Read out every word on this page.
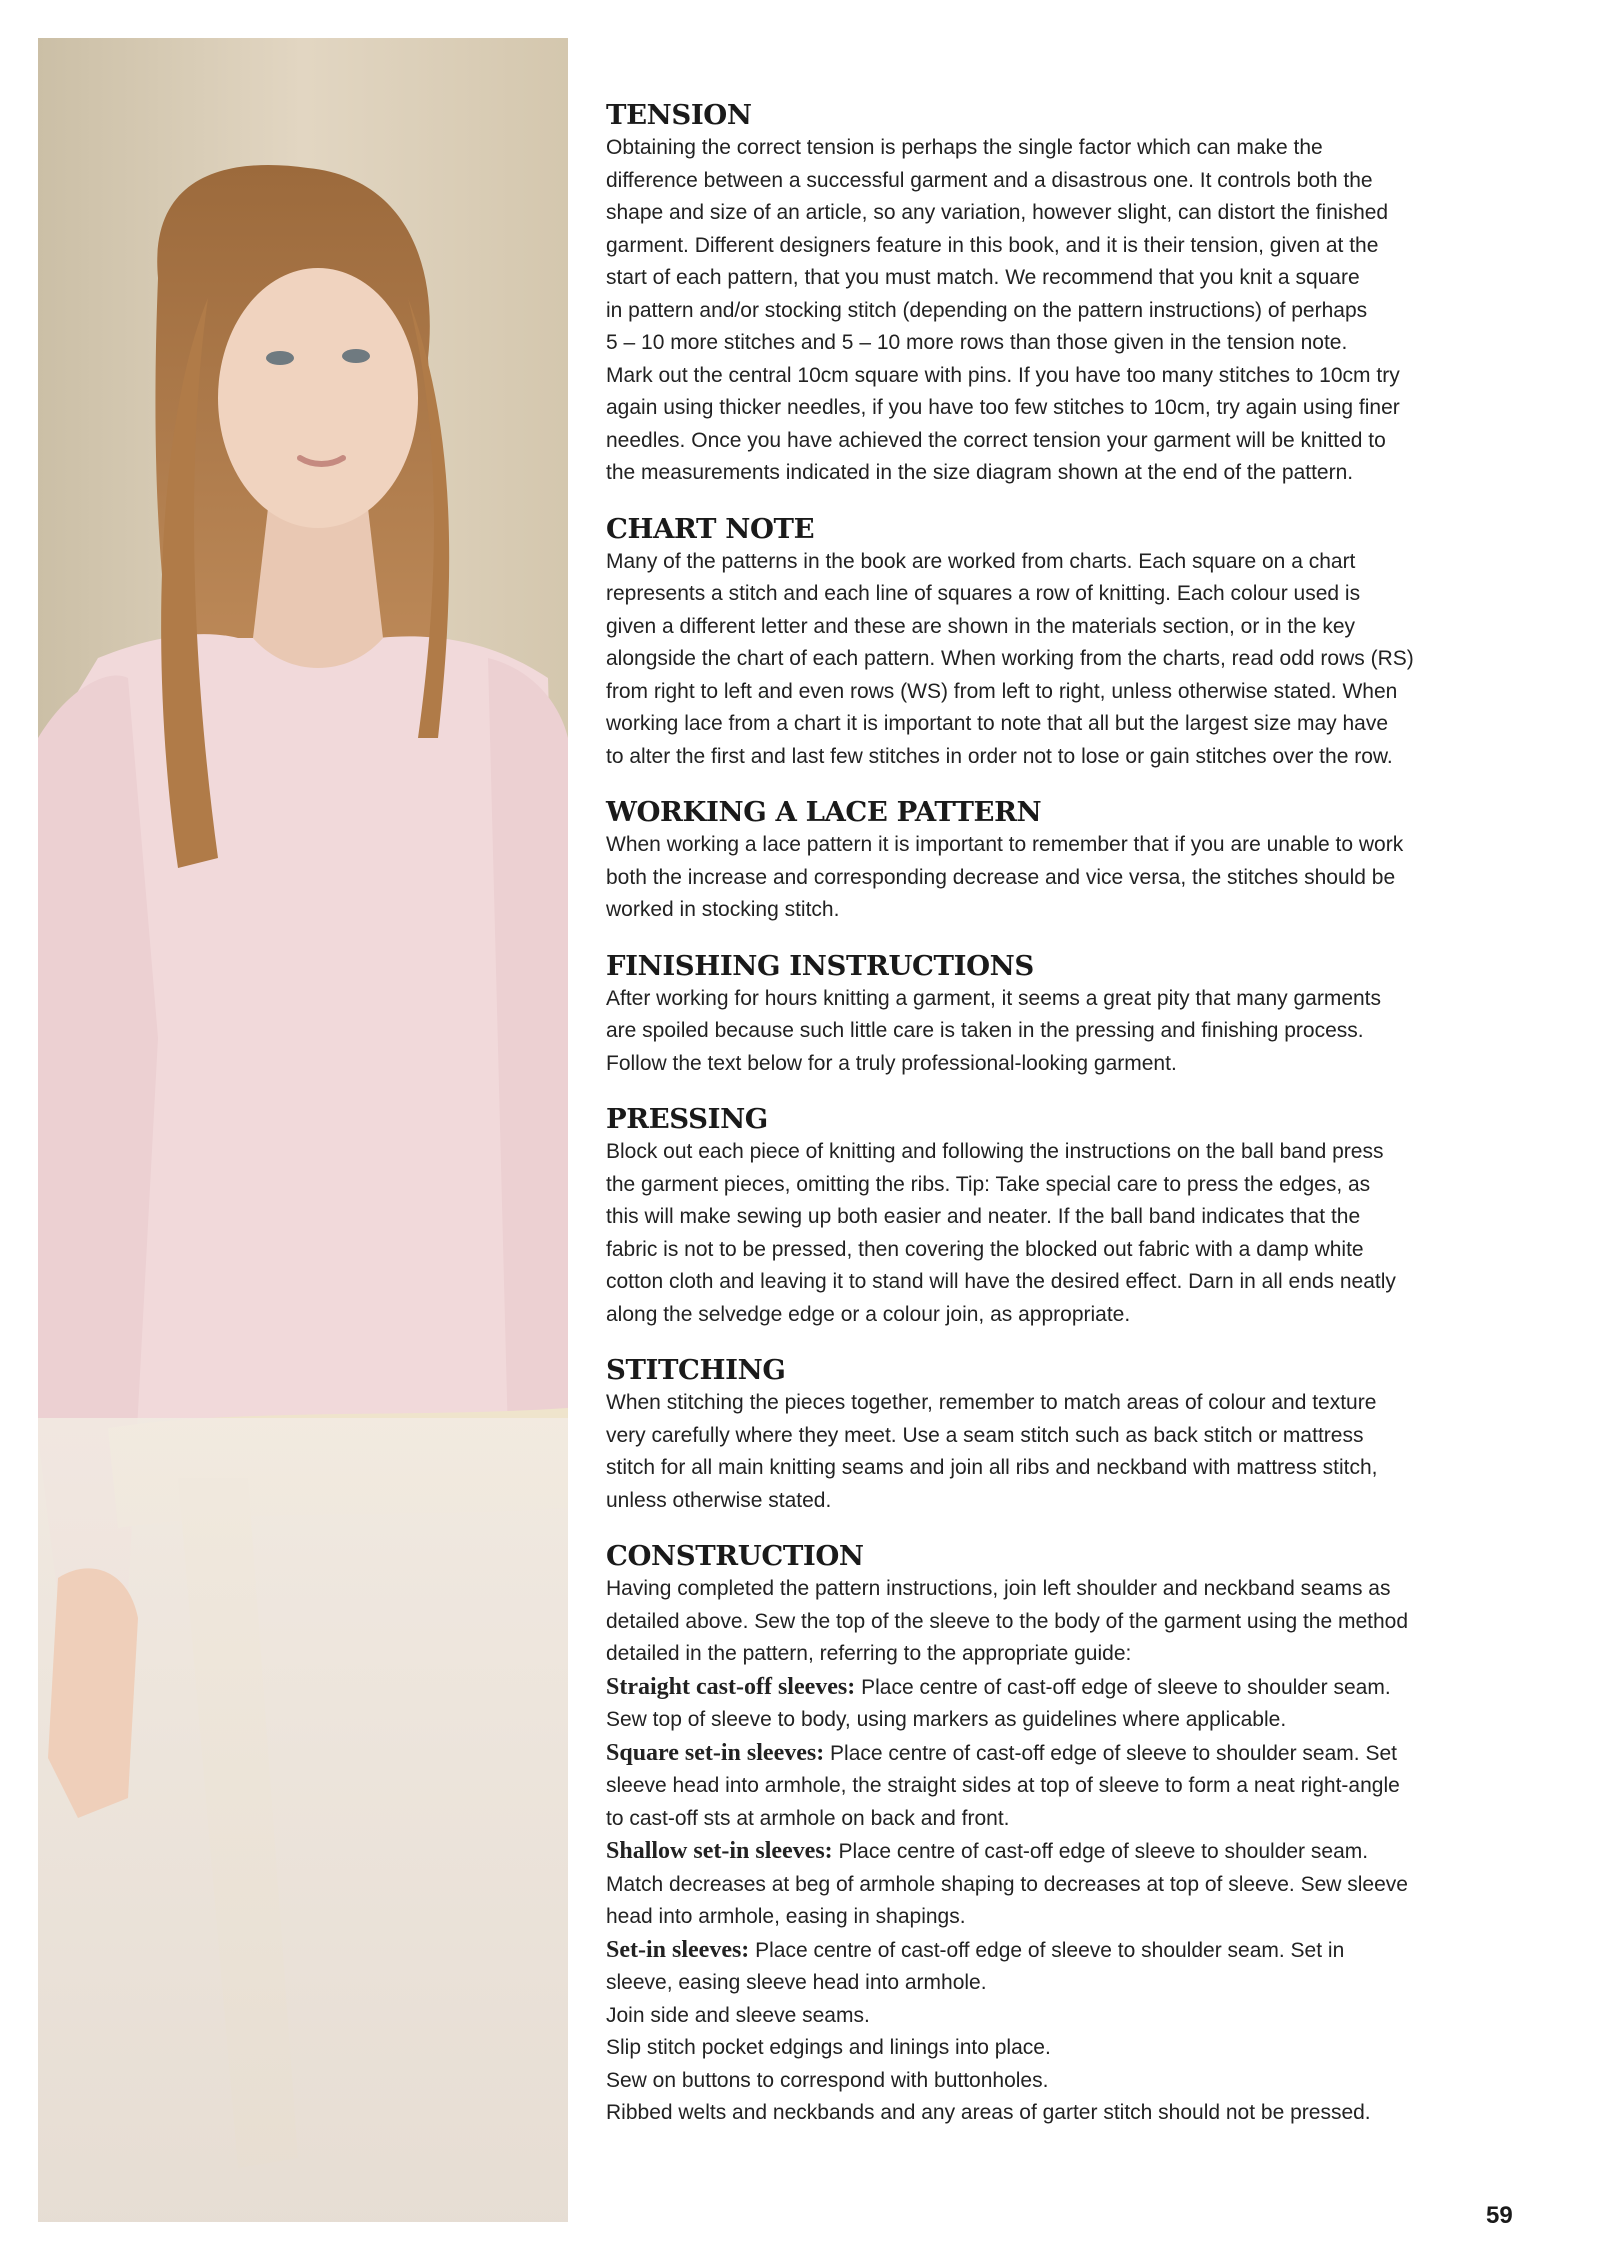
TENSION
Obtaining the correct tension is perhaps the single factor which can make the
difference between a successful garment and a disastrous one. It controls both the
shape and size of an article, so any variation, however slight, can distort the finished
garment. Different designers feature in this book, and it is their tension, given at the
start of each pattern, that you must match. We recommend that you knit a square
in pattern and/or stocking stitch (depending on the pattern instructions) of perhaps
5 – 10 more stitches and 5 – 10 more rows than those given in the tension note.
Mark out the central 10cm square with pins. If you have too many stitches to 10cm try
again using thicker needles, if you have too few stitches to 10cm, try again using finer
needles. Once you have achieved the correct tension your garment will be knitted to
the measurements indicated in the size diagram shown at the end of the pattern.
CHART NOTE
Many of the patterns in the book are worked from charts. Each square on a chart
represents a stitch and each line of squares a row of knitting. Each colour used is
given a different letter and these are shown in the materials section, or in the key
alongside the chart of each pattern. When working from the charts, read odd rows (RS)
from right to left and even rows (WS) from left to right, unless otherwise stated. When
working lace from a chart it is important to note that all but the largest size may have
to alter the first and last few stitches in order not to lose or gain stitches over the row.
WORKING A LACE PATTERN
When working a lace pattern it is important to remember that if you are unable to work
both the increase and corresponding decrease and vice versa, the stitches should be
worked in stocking stitch.
FINISHING INSTRUCTIONS
After working for hours knitting a garment, it seems a great pity that many garments
are spoiled because such little care is taken in the pressing and finishing process.
Follow the text below for a truly professional-looking garment.
PRESSING
Block out each piece of knitting and following the instructions on the ball band press
the garment pieces, omitting the ribs. Tip: Take special care to press the edges, as
this will make sewing up both easier and neater. If the ball band indicates that the
fabric is not to be pressed, then covering the blocked out fabric with a damp white
cotton cloth and leaving it to stand will have the desired effect. Darn in all ends neatly
along the selvedge edge or a colour join, as appropriate.
STITCHING
When stitching the pieces together, remember to match areas of colour and texture
very carefully where they meet. Use a seam stitch such as back stitch or mattress
stitch for all main knitting seams and join all ribs and neckband with mattress stitch,
unless otherwise stated.
CONSTRUCTION
Having completed the pattern instructions, join left shoulder and neckband seams as
detailed above. Sew the top of the sleeve to the body of the garment using the method
detailed in the pattern, referring to the appropriate guide:
Straight cast-off sleeves: Place centre of cast-off edge of sleeve to shoulder seam.
Sew top of sleeve to body, using markers as guidelines where applicable.
Square set-in sleeves: Place centre of cast-off edge of sleeve to shoulder seam. Set
sleeve head into armhole, the straight sides at top of sleeve to form a neat right-angle
to cast-off sts at armhole on back and front.
Shallow set-in sleeves: Place centre of cast-off edge of sleeve to shoulder seam.
Match decreases at beg of armhole shaping to decreases at top of sleeve. Sew sleeve
head into armhole, easing in shapings.
Set-in sleeves: Place centre of cast-off edge of sleeve to shoulder seam. Set in
sleeve, easing sleeve head into armhole.
Join side and sleeve seams.
Slip stitch pocket edgings and linings into place.
Sew on buttons to correspond with buttonholes.
Ribbed welts and neckbands and any areas of garter stitch should not be pressed.
59
